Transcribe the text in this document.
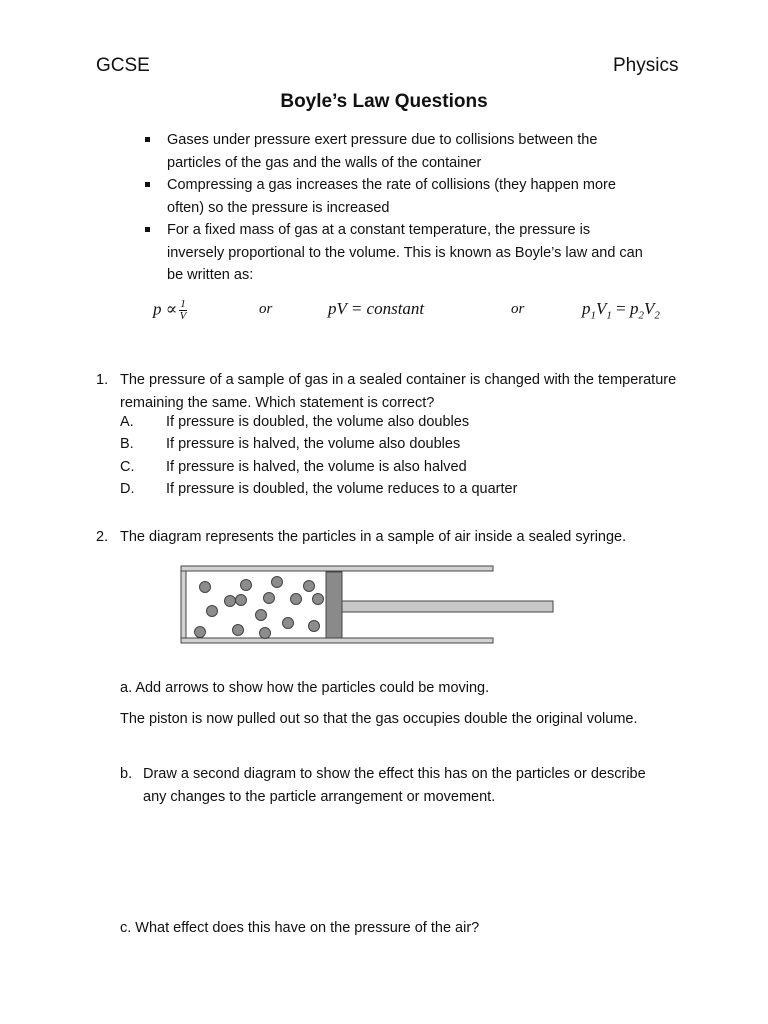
GCSE	Physics
Boyle’s Law Questions
Gases under pressure exert pressure due to collisions between the particles of the gas and the walls of the container
Compressing a gas increases the rate of collisions (they happen more often) so the pressure is increased
For a fixed mass of gas at a constant temperature, the pressure is inversely proportional to the volume. This is known as Boyle’s law and can be written as:
$p \propto \frac{1}{V}$	or	pV = constant	or	$p_1V_1 = p_2V_2$
1. The pressure of a sample of gas in a sealed container is changed with the temperature remaining the same. Which statement is correct?
A. If pressure is doubled, the volume also doubles
B. If pressure is halved, the volume also doubles
C. If pressure is halved, the volume is also halved
D. If pressure is doubled, the volume reduces to a quarter
2. The diagram represents the particles in a sample of air inside a sealed syringe.
a. Add arrows to show how the particles could be moving.
The piston is now pulled out so that the gas occupies double the original volume.
b. Draw a second diagram to show the effect this has on the particles or describe any changes to the particle arrangement or movement.
c. What effect does this have on the pressure of the air?
